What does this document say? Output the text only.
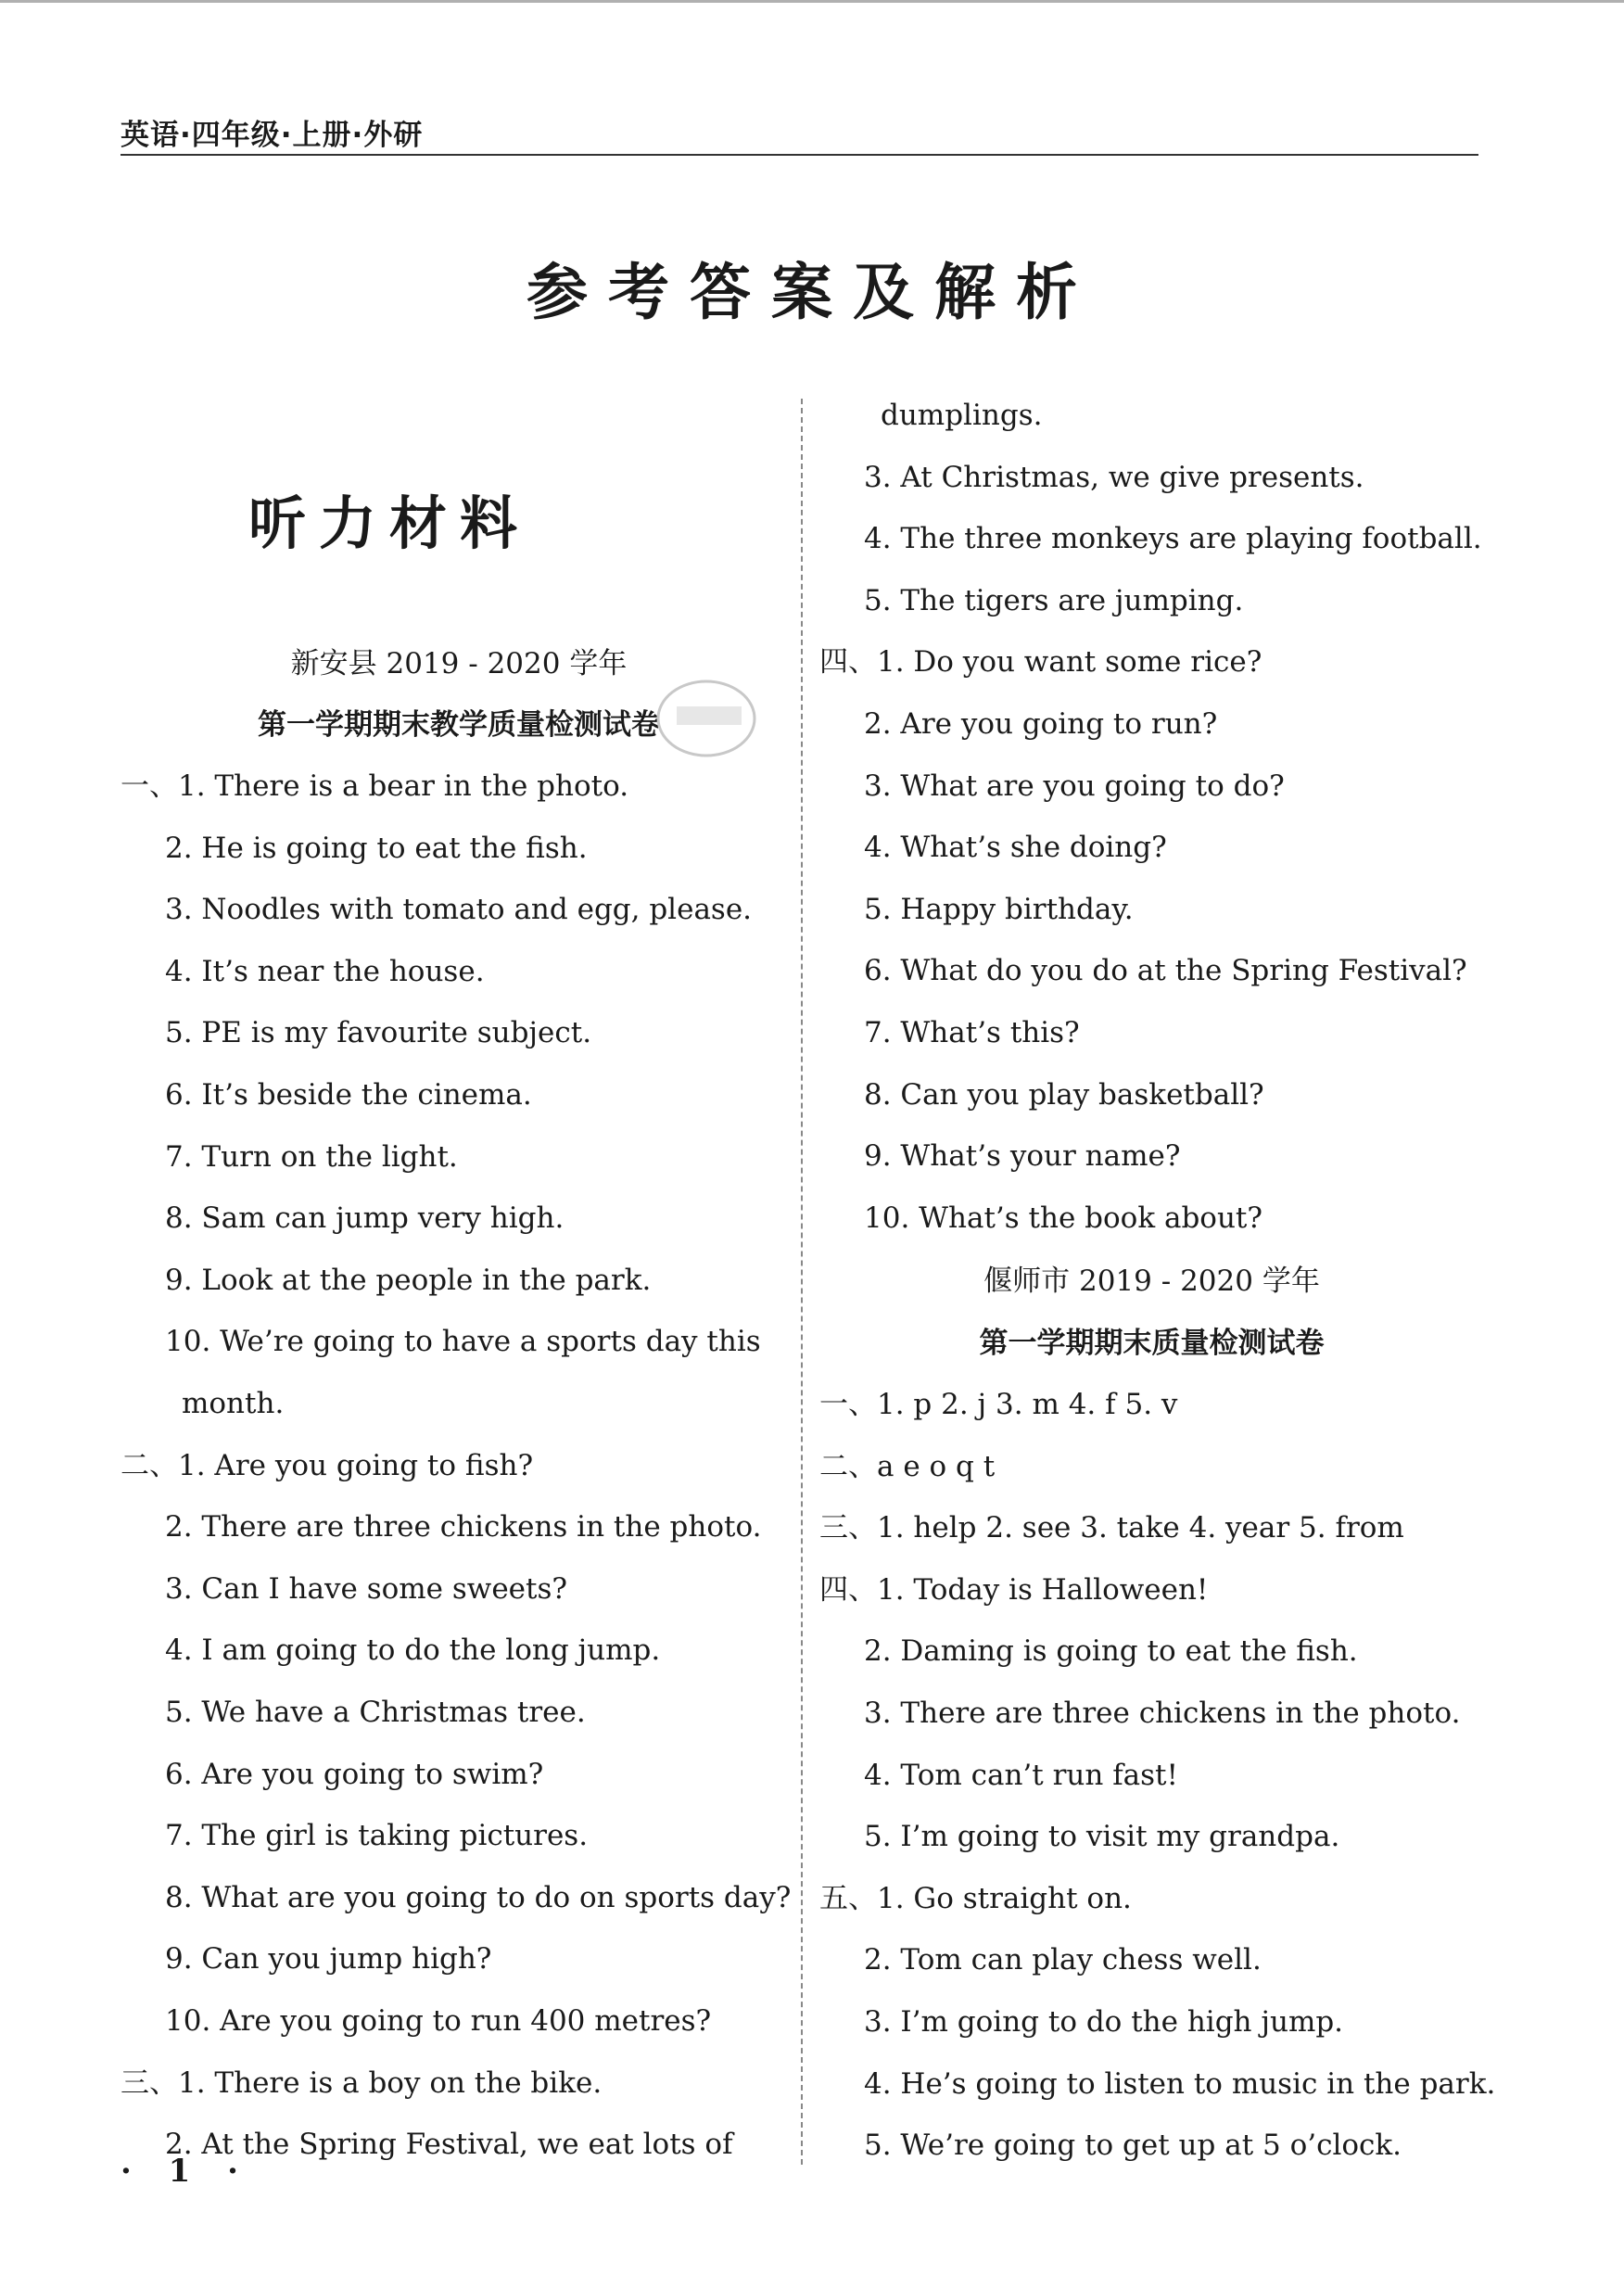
英语·四年级·上册·外研
参考答案及解析
听力材料
新安县 2019 - 2020 学年
第一学期期末教学质量检测试卷
一、1. There is a bear in the photo.
2. He is going to eat the fish.
3. Noodles with tomato and egg, please.
4. It’s near the house.
5. PE is my favourite subject.
6. It’s beside the cinema.
7. Turn on the light.
8. Sam can jump very high.
9. Look at the people in the park.
10. We’re going to have a sports day this
month.
二、1. Are you going to fish?
2. There are three chickens in the photo.
3. Can I have some sweets?
4. I am going to do the long jump.
5. We have a Christmas tree.
6. Are you going to swim?
7. The girl is taking pictures.
8. What are you going to do on sports day?
9. Can you jump high?
10. Are you going to run 400 metres?
三、1. There is a boy on the bike.
2. At the Spring Festival, we eat lots of
dumplings.
3. At Christmas, we give presents.
4. The three monkeys are playing football.
5. The tigers are jumping.
四、1. Do you want some rice?
2. Are you going to run?
3. What are you going to do?
4. What’s she doing?
5. Happy birthday.
6. What do you do at the Spring Festival?
7. What’s this?
8. Can you play basketball?
9. What’s your name?
10. What’s the book about?
偃师市 2019 - 2020 学年
第一学期期末质量检测试卷
一、1. p 2. j 3. m 4. f 5. v
二、a e o q t
三、1. help 2. see 3. take 4. year 5. from
四、1. Today is Halloween!
2. Daming is going to eat the fish.
3. There are three chickens in the photo.
4. Tom can’t run fast!
5. I’m going to visit my grandpa.
五、1. Go straight on.
2. Tom can play chess well.
3. I’m going to do the high jump.
4. He’s going to listen to music in the park.
5. We’re going to get up at 5 o’clock.
· 1 ·
